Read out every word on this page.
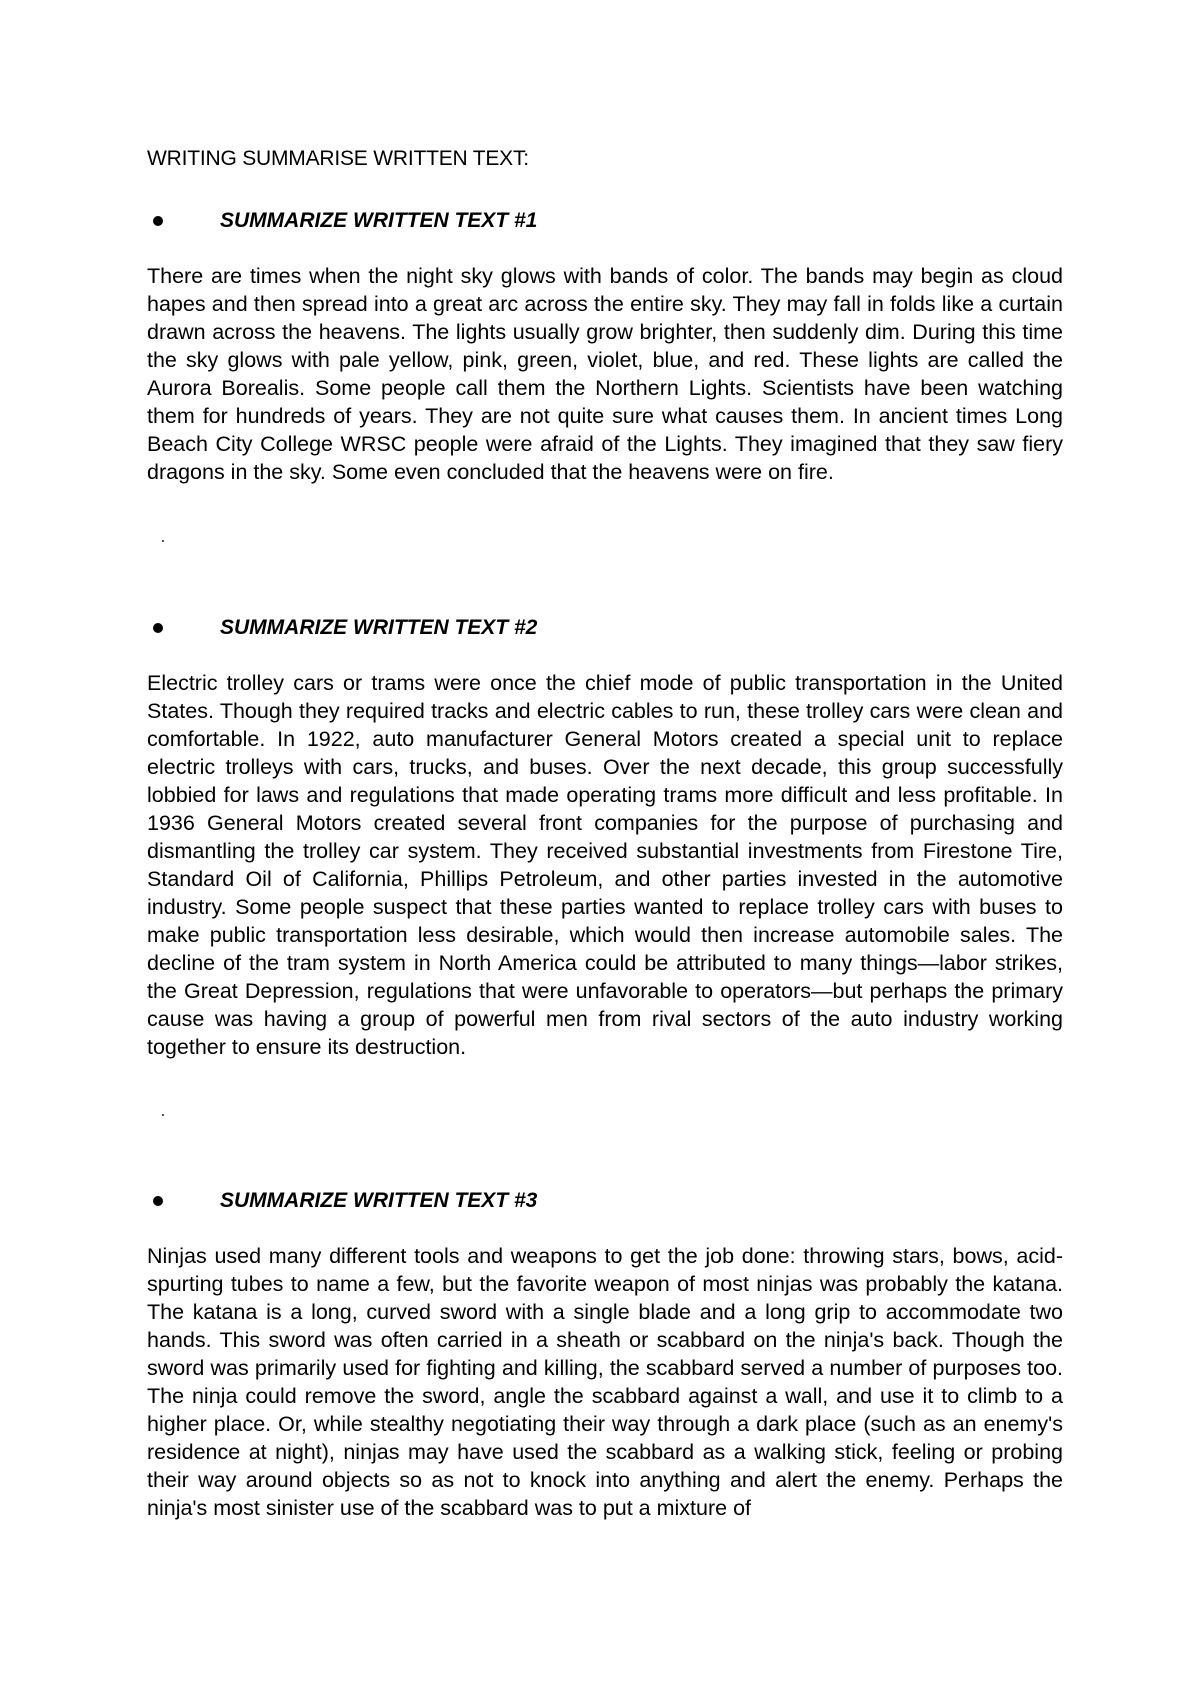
WRITING SUMMARISE WRITTEN TEXT:
SUMMARIZE WRITTEN TEXT #1

There are times when the night sky glows with bands of color. The bands may begin as cloud hapes and then spread into a great arc across the entire sky. They may fall in folds like a curtain drawn across the heavens. The lights usually grow brighter, then suddenly dim. During this time the sky glows with pale yellow, pink, green, violet, blue, and red. These lights are called the Aurora Borealis. Some people call them the Northern Lights. Scientists have been watching them for hundreds of years. They are not quite sure what causes them. In ancient times Long Beach City College WRSC people were afraid of the Lights. They imagined that they saw fiery dragons in the sky. Some even concluded that the heavens were on fire.

SUMMARIZE WRITTEN TEXT #2

Electric trolley cars or trams were once the chief mode of public transportation in the United States. Though they required tracks and electric cables to run, these trolley cars were clean and comfortable. In 1922, auto manufacturer General Motors created a special unit to replace electric trolleys with cars, trucks, and buses. Over the next decade, this group successfully lobbied for laws and regulations that made operating trams more difficult and less profitable. In 1936 General Motors created several front companies for the purpose of purchasing and dismantling the trolley car system. They received substantial investments from Firestone Tire, Standard Oil of California, Phillips Petroleum, and other parties invested in the automotive industry. Some people suspect that these parties wanted to replace trolley cars with buses to make public transportation less desirable, which would then increase automobile sales. The decline of the tram system in North America could be attributed to many things—labor strikes, the Great Depression, regulations that were unfavorable to operators—but perhaps the primary cause was having a group of powerful men from rival sectors of the auto industry working together to ensure its destruction.

SUMMARIZE WRITTEN TEXT #3

Ninjas used many different tools and weapons to get the job done: throwing stars, bows, acid-spurting tubes to name a few, but the favorite weapon of most ninjas was probably the katana. The katana is a long, curved sword with a single blade and a long grip to accommodate two hands. This sword was often carried in a sheath or scabbard on the ninja's back. Though the sword was primarily used for fighting and killing, the scabbard served a number of purposes too. The ninja could remove the sword, angle the scabbard against a wall, and use it to climb to a higher place. Or, while stealthy negotiating their way through a dark place (such as an enemy's residence at night), ninjas may have used the scabbard as a walking stick, feeling or probing their way around objects so as not to knock into anything and alert the enemy. Perhaps the ninja's most sinister use of the scabbard was to put a mixture of
